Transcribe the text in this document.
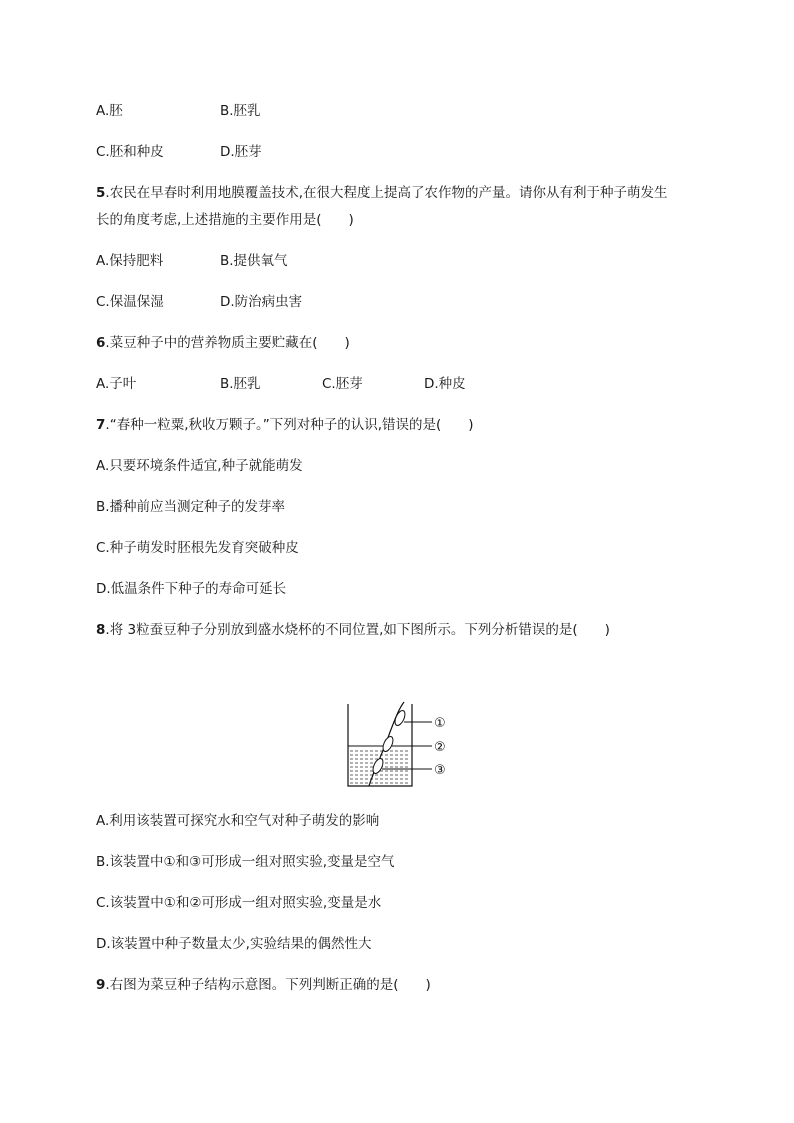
A.胚	B.胚乳
C.胚和种皮	D.胚芽
5.农民在早春时利用地膜覆盖技术,在很大程度上提高了农作物的产量。请你从有利于种子萌发生
长的角度考虑,上述措施的主要作用是(　　)
A.保持肥料	B.提供氧气
C.保温保湿	D.防治病虫害
6.菜豆种子中的营养物质主要贮藏在(　　)
A.子叶	B.胚乳	C.胚芽	D.种皮
7.“春种一粒粟,秋收万颗子。”下列对种子的认识,错误的是(　　)
A.只要环境条件适宜,种子就能萌发
B.播种前应当测定种子的发芽率
C.种子萌发时胚根先发育突破种皮
D.低温条件下种子的寿命可延长
8.将 3粒蚕豆种子分别放到盛水烧杯的不同位置,如下图所示。下列分析错误的是(　　)
①
②
③
A.利用该装置可探究水和空气对种子萌发的影响
B.该装置中①和③可形成一组对照实验,变量是空气
C.该装置中①和②可形成一组对照实验,变量是水
D.该装置中种子数量太少,实验结果的偶然性大
9.右图为菜豆种子结构示意图。下列判断正确的是(　　)
